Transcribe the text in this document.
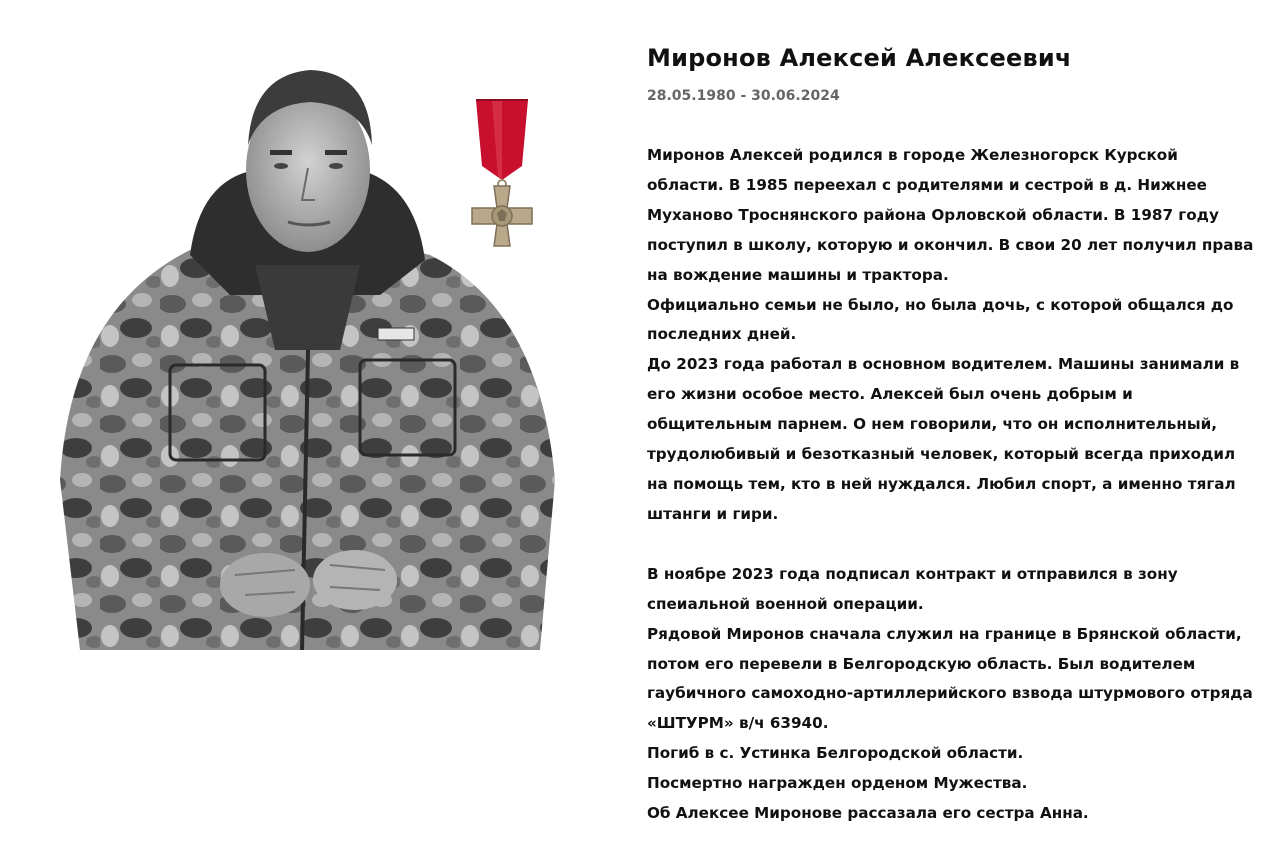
Миронов Алексей Алексеевич
28.05.1980 - 30.06.2024

Миронов Алексей родился в городе Железногорск Курской области. В 1985 переехал с родителями и сестрой в д. Нижнее Муханово Троснянского района Орловской области. В 1987 году поступил в школу, которую и окончил. В свои 20 лет получил права на вождение машины и трактора.

Официально семьи не было, но была дочь, с которой общался до последних дней.

До 2023 года работал в основном водителем. Машины занимали в его жизни особое место. Алексей был очень добрым и общительным парнем. О нем говорили, что он исполнительный, трудолюбивый и безотказный человек, который всегда приходил на помощь тем, кто в ней нуждался. Любил спорт, а именно тягал штанги и гири.

В ноябре 2023 года подписал контракт и отправился в зону спеиальной военной операции.

Рядовой Миронов сначала служил на границе в Брянской области, потом его перевели в Белгородскую область. Был водителем гаубичного самоходно-артиллерийского взвода штурмового отряда «ШТУРМ» в/ч 63940.

Погиб в с. Устинка Белгородской области.

Посмертно награжден орденом Мужества.

Об Алексее Миронове рассазала его сестра Анна.
